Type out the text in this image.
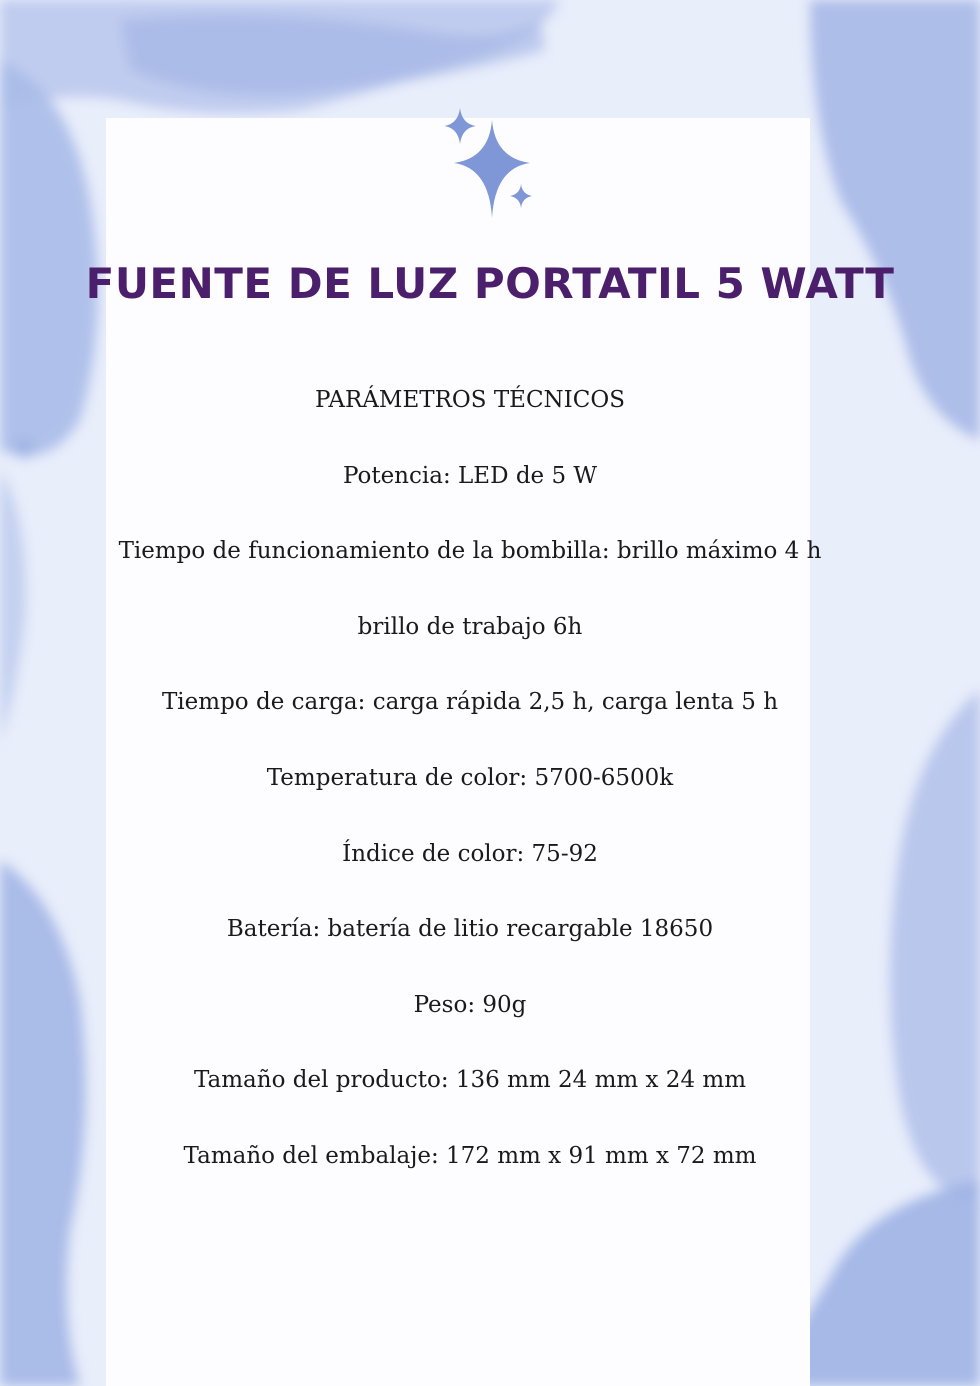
FUENTE DE LUZ PORTATIL 5 WATT
PARÁMETROS TÉCNICOS
Potencia: LED de 5 W
Tiempo de funcionamiento de la bombilla: brillo máximo 4 h
brillo de trabajo 6h
Tiempo de carga: carga rápida 2,5 h, carga lenta 5 h
Temperatura de color: 5700-6500k
Índice de color: 75-92
Batería: batería de litio recargable 18650
Peso: 90g
Tamaño del producto: 136 mm 24 mm x 24 mm
Tamaño del embalaje: 172 mm x 91 mm x 72 mm
